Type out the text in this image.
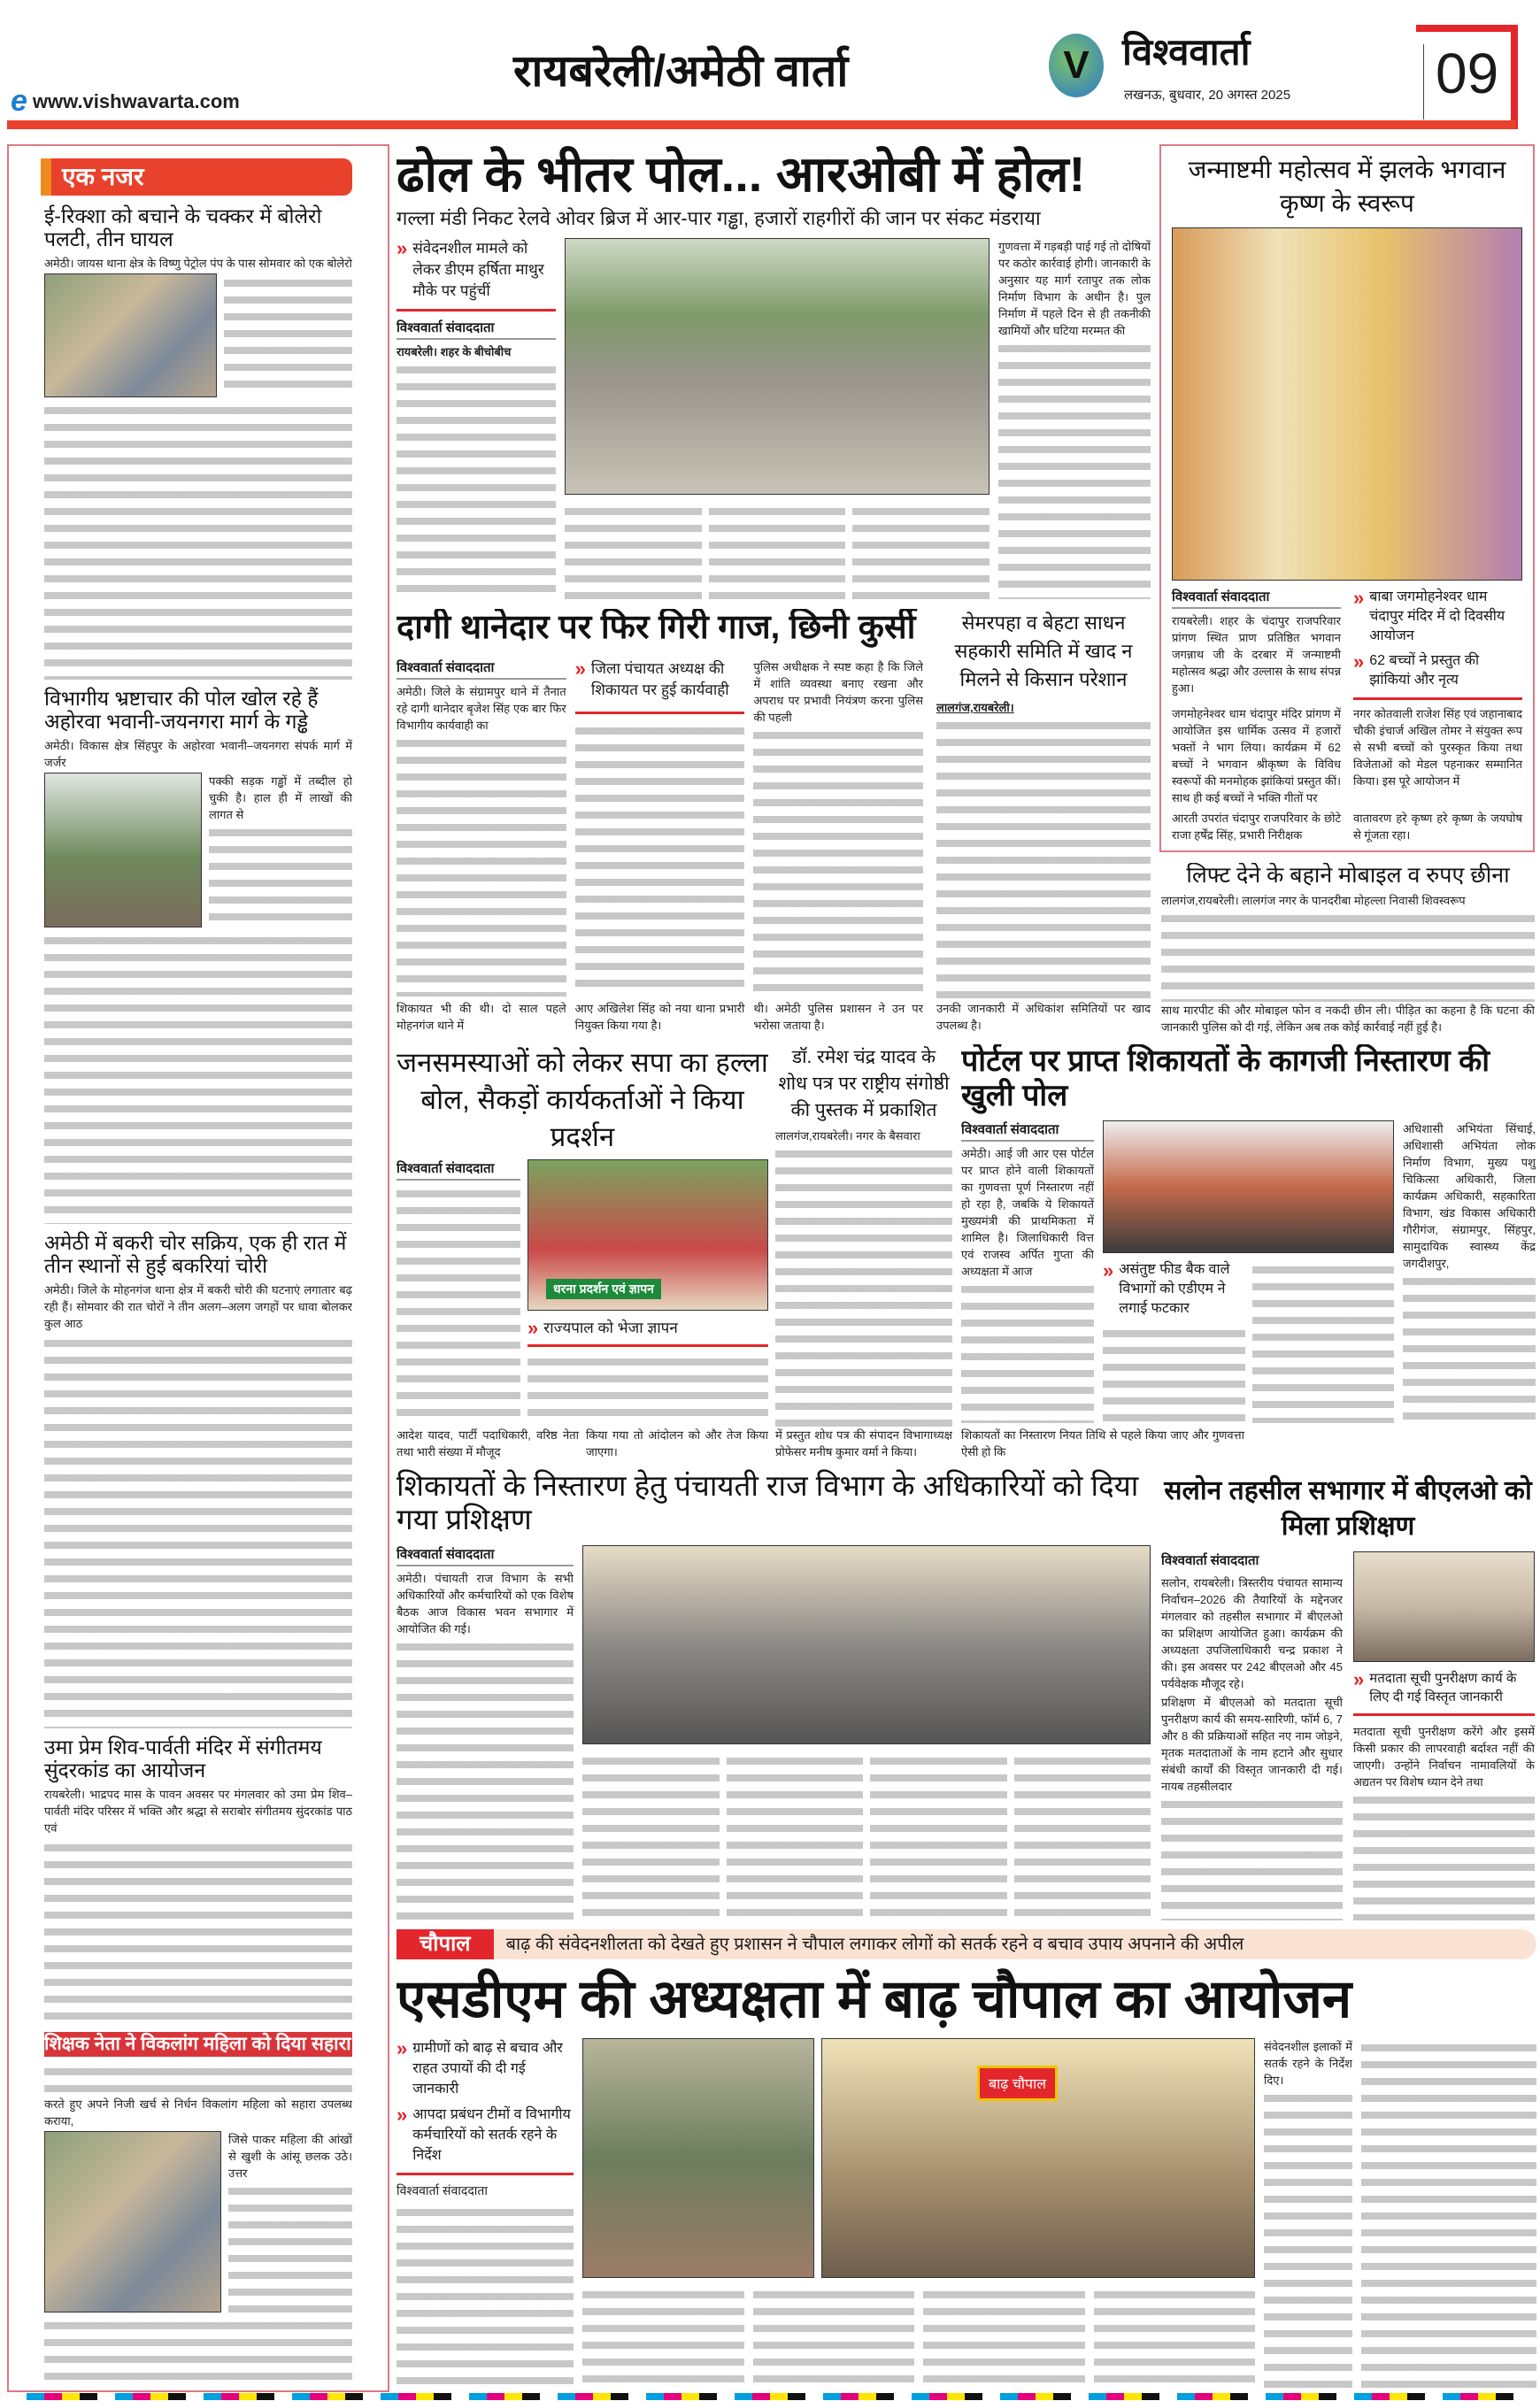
e www.vishwavarta.com
रायबरेली/अमेठी वार्ता	V विश्ववार्ता
लखनऊ, बुधवार, 20 अगस्त 2025	09
एक नजर
ई-रिक्शा को बचाने के चक्कर में बोलेरो पलटी, तीन घायल
अमेठी। जायस थाना क्षेत्र के विष्णु पेट्रोल पंप के पास सोमवार को एक बोलेरो
विभागीय भ्रष्टाचार की पोल खोल रहे हैं अहोरवा भवानी-जयनगरा मार्ग के गड्ढे
अमेठी। विकास क्षेत्र सिंहपुर के अहोरवा भवानी–जयनगरा संपर्क मार्ग में जर्जर
पक्की सड़क गड्ढों में तब्दील हो चुकी है। हाल ही में लाखों की लागत से
अमेठी में बकरी चोर सक्रिय, एक ही रात में तीन स्थानों से हुई बकरियां चोरी
अमेठी। जिले के मोहनगंज थाना क्षेत्र में बकरी चोरी की घटनाएं लगातार बढ़ रही हैं। सोमवार की रात चोरों ने तीन अलग–अलग जगहों पर धावा बोलकर कुल आठ
उमा प्रेम शिव-पार्वती मंदिर में संगीतमय सुंदरकांड का आयोजन
रायबरेली। भाद्रपद मास के पावन अवसर पर मंगलवार को उमा प्रेम शिव–पार्वती मंदिर परिसर में भक्ति और श्रद्धा से सराबोर संगीतमय सुंदरकांड पाठ एवं
शिक्षक नेता ने विकलांग महिला को दिया सहारा
करते हुए अपने निजी खर्च से निर्धन विकलांग महिला को सहारा उपलब्ध कराया,
जिसे पाकर महिला की आंखों से खुशी के आंसू छलक उठे। उत्तर
ढोल के भीतर पोल... आरओबी में होल!
गल्ला मंडी निकट रेलवे ओवर ब्रिज में आर-पार गड्ढा, हजारों राहगीरों की जान पर संकट मंडराया
» संवेदनशील मामले को लेकर डीएम हर्षिता माथुर मौके पर पहुंचीं
विश्ववार्ता संवाददाता
रायबरेली। शहर के बीचोबीच
गुणवत्ता में गड़बड़ी पाई गई तो दोषियों पर कठोर कार्रवाई होगी। जानकारी के अनुसार यह मार्ग रतापुर तक लोक निर्माण विभाग के अधीन है। पुल निर्माण में पहले दिन से ही तकनीकी खामियों और घटिया मरम्मत की
जन्माष्टमी महोत्सव में झलके भगवान कृष्ण के स्वरूप
विश्ववार्ता संवाददाता
रायबरेली। शहर के चंदापुर राजपरिवार प्रांगण स्थित प्राण प्रतिष्ठित भगवान जगन्नाथ जी के दरबार में जन्माष्टमी महोत्सव श्रद्धा और उल्लास के साथ संपन्न हुआ।
» बाबा जगमोहनेश्वर धाम चंदापुर मंदिर में दो दिवसीय आयोजन
» 62 बच्चों ने प्रस्तुत की झांकियां और नृत्य
जगमोहनेश्वर धाम चंदापुर मंदिर प्रांगण में आयोजित इस धार्मिक उत्सव में हजारों भक्तों ने भाग लिया। कार्यक्रम में 62 बच्चों ने भगवान श्रीकृष्ण के विविध स्वरूपों की मनमोहक झांकियां प्रस्तुत कीं। साथ ही कई बच्चों ने भक्ति गीतों पर
नगर कोतवाली राजेश सिंह एवं जहानाबाद चौकी इंचार्ज अखिल तोमर ने संयुक्त रूप से सभी बच्चों को पुरस्कृत किया तथा विजेताओं को मेडल पहनाकर सम्मानित किया। इस पूरे आयोजन में
आरती उपरांत चंदापुर राजपरिवार के छोटे राजा हर्षेंद्र सिंह, प्रभारी निरीक्षक
वातावरण हरे कृष्ण हरे कृष्ण के जयघोष से गूंजता रहा।
दागी थानेदार पर फिर गिरी गाज, छिनी कुर्सी
विश्ववार्ता संवाददाता
अमेठी। जिले के संग्रामपुर थाने में तैनात रहे दागी थानेदार बृजेश सिंह एक बार फिर विभागीय कार्यवाही का
» जिला पंचायत अध्यक्ष की शिकायत पर हुई कार्यवाही
पुलिस अधीक्षक ने स्पष्ट कहा है कि जिले में शांति व्यवस्था बनाए रखना और अपराध पर प्रभावी नियंत्रण करना पुलिस की पहली
शिकायत भी की थी। दो साल पहले मोहनगंज थाने में
आए अखिलेश सिंह को नया थाना प्रभारी नियुक्त किया गया है।
थी। अमेठी पुलिस प्रशासन ने उन पर भरोसा जताया है।
सेमरपहा व बेहटा साधन सहकारी समिति में खाद न मिलने से किसान परेशान
लालगंज,रायबरेली।
उनकी जानकारी में अधिकांश समितियों पर खाद उपलब्ध है।
लिफ्ट देने के बहाने मोबाइल व रुपए छीना
लालगंज,रायबरेली। लालगंज नगर के पानदरीबा मोहल्ला निवासी शिवस्वरूप
साथ मारपीट की और मोबाइल फोन व नकदी छीन ली। पीड़ित का कहना है कि घटना की जानकारी पुलिस को दी गई, लेकिन अब तक कोई कार्रवाई नहीं हुई है।
जनसमस्याओं को लेकर सपा का हल्ला बोल, सैकड़ों कार्यकर्ताओं ने किया प्रदर्शन
विश्ववार्ता संवाददाता
धरना प्रदर्शन एवं ज्ञापन
» राज्यपाल को भेजा ज्ञापन
आदेश यादव, पार्टी पदाधिकारी, वरिष्ठ नेता तथा भारी संख्या में मौजूद
किया गया तो आंदोलन को और तेज किया जाएगा।
डॉ. रमेश चंद्र यादव के शोध पत्र पर राष्ट्रीय संगोष्ठी की पुस्तक में प्रकाशित
लालगंज,रायबरेली। नगर के बैसवारा
में प्रस्तुत शोध पत्र की संपादन विभागाध्यक्ष प्रोफेसर मनीष कुमार वर्मा ने किया।
पोर्टल पर प्राप्त शिकायतों के कागजी निस्तारण की खुली पोल
विश्ववार्ता संवाददाता
अमेठी। आई जी आर एस पोर्टल पर प्राप्त होने वाली शिकायतों का गुणवत्ता पूर्ण निस्तारण नहीं हो रहा है, जबकि ये शिकायतें मुख्यमंत्री की प्राथमिकता में शामिल है। जिलाधिकारी वित्त एवं राजस्व अर्पित गुप्ता की अध्यक्षता में आज	» असंतुष्ट फीड बैक वाले विभागों को एडीएम ने लगाई फटकार
अधिशासी अभियंता सिंचाई, अधिशासी अभियंता लोक निर्माण विभाग, मुख्य पशु चिकित्सा अधिकारी, जिला कार्यक्रम अधिकारी, सहकारिता विभाग, खंड विकास अधिकारी गौरीगंज, संग्रामपुर, सिंहपुर, सामुदायिक स्वास्थ्य केंद्र जगदीशपुर,
शिकायतों का निस्तारण नियत तिथि से पहले किया जाए और गुणवत्ता ऐसी हो कि
शिकायतों के निस्तारण हेतु पंचायती राज विभाग के अधिकारियों को दिया गया प्रशिक्षण
विश्ववार्ता संवाददाता
अमेठी। पंचायती राज विभाग के सभी अधिकारियों और कर्मचारियों को एक विशेष बैठक आज विकास भवन सभागार में आयोजित की गई।
सलोन तहसील सभागार में बीएलओ को मिला प्रशिक्षण
विश्ववार्ता संवाददाता
सलोन, रायबरेली। त्रिस्तरीय पंचायत सामान्य निर्वाचन–2026 की तैयारियों के मद्देनजर मंगलवार को तहसील सभागार में बीएलओ का प्रशिक्षण आयोजित हुआ। कार्यक्रम की अध्यक्षता उपजिलाधिकारी चन्द्र प्रकाश ने की। इस अवसर पर 242 बीएलओ और 45 पर्यवेक्षक मौजूद रहे।
प्रशिक्षण में बीएलओ को मतदाता सूची पुनरीक्षण कार्य की समय-सारिणी, फॉर्म 6, 7 और 8 की प्रक्रियाओं सहित नए नाम जोड़ने, मृतक मतदाताओं के नाम हटाने और सुधार संबंधी कार्यों की विस्तृत जानकारी दी गई। नायब तहसीलदार
» मतदाता सूची पुनरीक्षण कार्य के लिए दी गई विस्तृत जानकारी
मतदाता सूची पुनरीक्षण करेंगे और इसमें किसी प्रकार की लापरवाही बर्दाश्त नहीं की जाएगी। उन्होंने निर्वाचन नामावलियों के अद्यतन पर विशेष ध्यान देने तथा
चौपाल	बाढ़ की संवेदनशीलता को देखते हुए प्रशासन ने चौपाल लगाकर लोगों को सतर्क रहने व बचाव उपाय अपनाने की अपील
एसडीएम की अध्यक्षता में बाढ़ चौपाल का आयोजन
» ग्रामीणों को बाढ़ से बचाव और राहत उपायों की दी गई जानकारी
» आपदा प्रबंधन टीमों व विभागीय कर्मचारियों को सतर्क रहने के निर्देश
विश्ववार्ता संवाददाता
बाढ़ चौपाल
संवेदनशील इलाकों में सतर्क रहने के निर्देश दिए।
